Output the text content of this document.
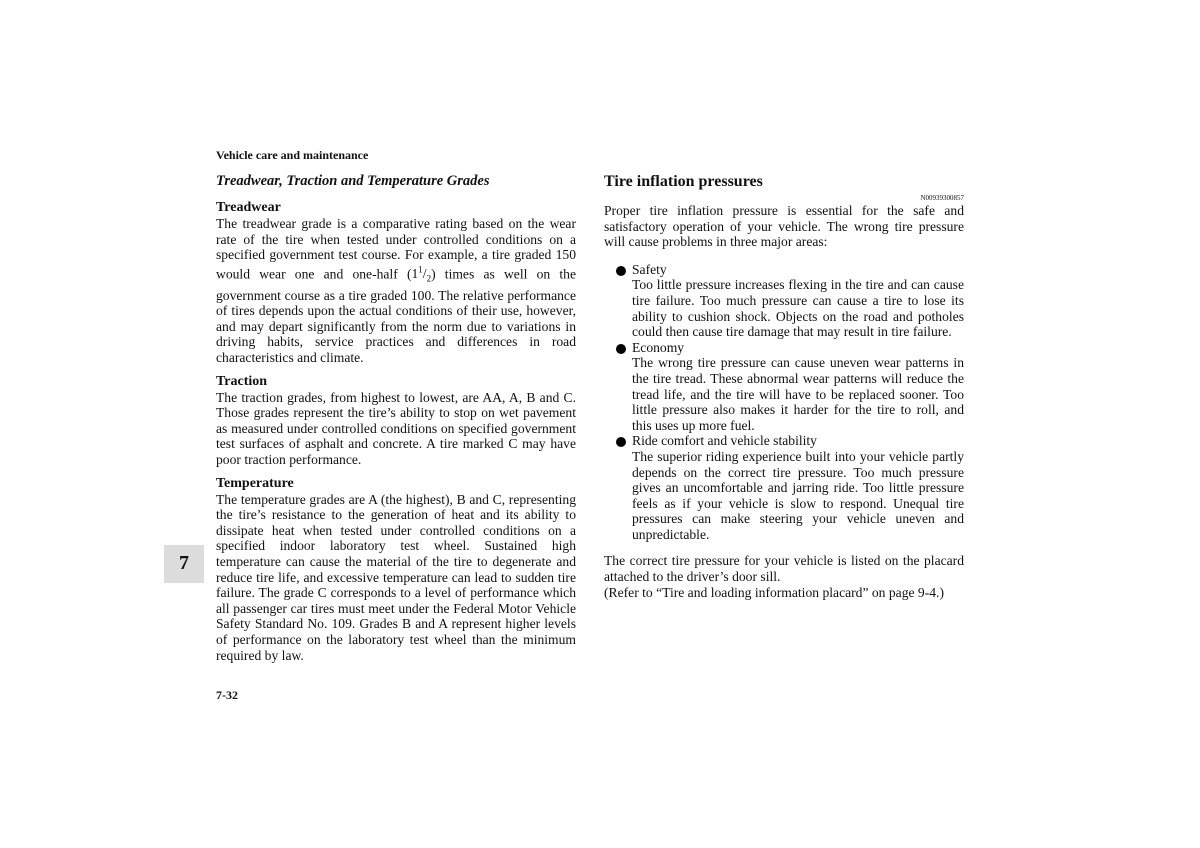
Vehicle care and maintenance

Treadwear, Traction and Temperature Grades

Treadwear

The treadwear grade is a comparative rating based on the wear rate of the tire when tested under controlled conditions on a specified government test course. For example, a tire graded 150 would wear one and one-half $(1^1/_2)$ times as well on the government course as a tire graded 100. The relative performance of tires depends upon the actual conditions of their use, however, and may depart significantly from the norm due to variations in driving habits, service practices and differences in road characteristics and climate.

Traction

The traction grades, from highest to lowest, are AA, A, B and C. Those grades represent the tire’s ability to stop on wet pavement as measured under controlled conditions on specified government test surfaces of asphalt and concrete. A tire marked C may have poor traction performance.

Temperature

The temperature grades are A (the highest), B and C, representing the tire’s resistance to the generation of heat and its ability to dissipate heat when tested under controlled conditions on a specified indoor laboratory test wheel. Sustained high temperature can cause the material of the tire to degenerate and reduce tire life, and excessive temperature can lead to sudden tire failure. The grade C corresponds to a level of performance which all passenger car tires must meet under the Federal Motor Vehicle Safety Standard No. 109. Grades B and A represent higher levels of performance on the laboratory test wheel than the minimum required by law.

Tire inflation pressures

N00939300857

Proper tire inflation pressure is essential for the safe and satisfactory operation of your vehicle. The wrong tire pressure will cause problems in three major areas:

Safety

Too little pressure increases flexing in the tire and can cause tire failure. Too much pressure can cause a tire to lose its ability to cushion shock. Objects on the road and potholes could then cause tire damage that may result in tire failure.

Economy

The wrong tire pressure can cause uneven wear patterns in the tire tread. These abnormal wear patterns will reduce the tread life, and the tire will have to be replaced sooner. Too little pressure also makes it harder for the tire to roll, and this uses up more fuel.

Ride comfort and vehicle stability

The superior riding experience built into your vehicle partly depends on the correct tire pressure. Too much pressure gives an uncomfortable and jarring ride. Too little pressure feels as if your vehicle is slow to respond. Unequal tire pressures can make steering your vehicle uneven and unpredictable.

The correct tire pressure for your vehicle is listed on the placard attached to the driver’s door sill.

(Refer to “Tire and loading information placard” on page 9-4.)

7
7-32
